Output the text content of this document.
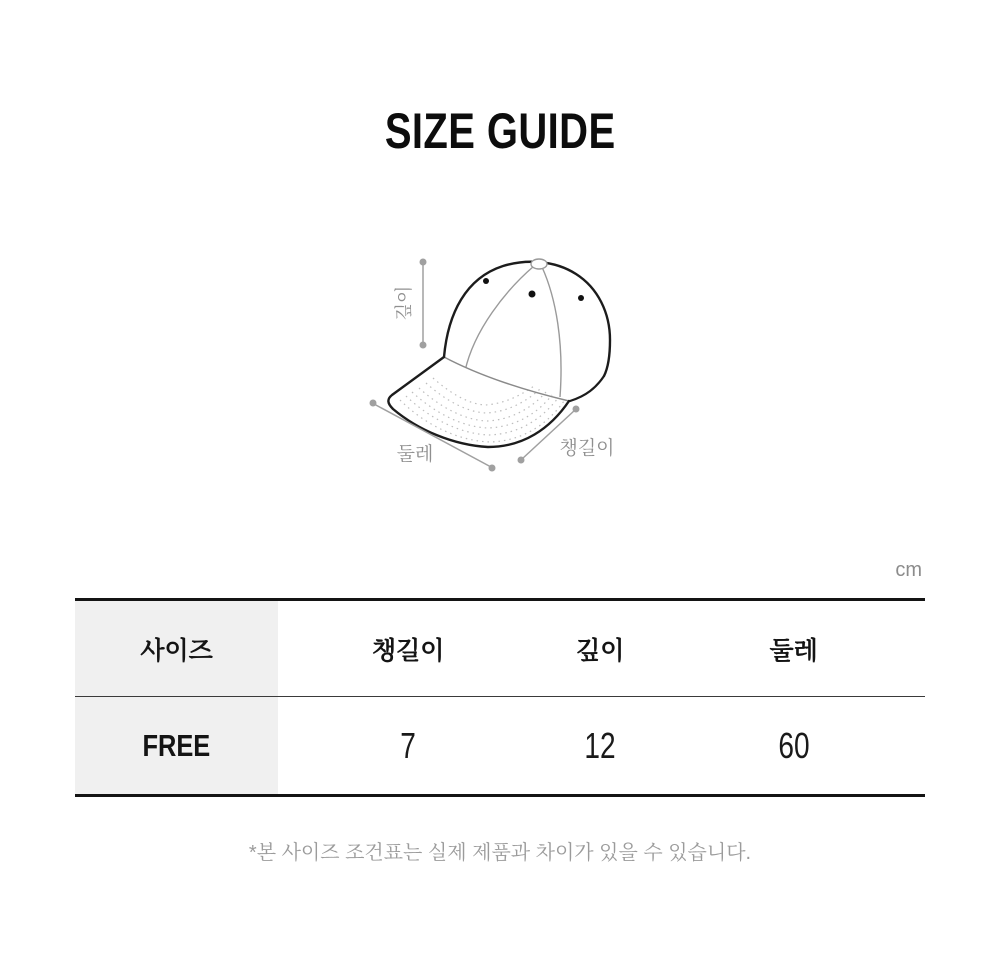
SIZE GUIDE
깊이
둘레	챙길이
cm
사이즈	챙길이	깊이	둘레
FREE	7	12	60
*본 사이즈 조건표는 실제 제품과 차이가 있을 수 있습니다.
